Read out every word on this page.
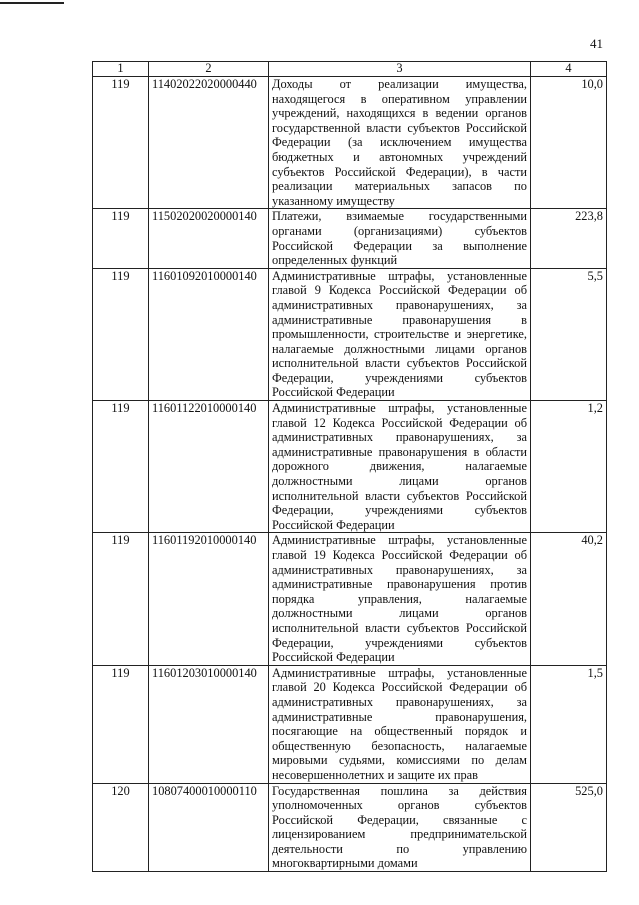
41
1	2	3	4
119	11402022020000440	Доходы от реализации имущества, находящегося в оперативном управлении учреждений, находящихся в ведении органов государственной власти субъектов Российской Федерации (за исключением имущества бюджетных и автономных учреждений субъектов Российской Федерации), в части реализации материальных запасов по указанному имуществу	10,0
119	11502020020000140	Платежи, взимаемые государственными органами (организациями) субъектов Российской Федерации за выполнение определенных функций	223,8
119	11601092010000140	Административные штрафы, установленные главой 9 Кодекса Российской Федерации об административных правонарушениях, за административные правонарушения в промышленности, строительстве и энергетике, налагаемые должностными лицами органов исполнительной власти субъектов Российской Федерации, учреждениями субъектов Российской Федерации	5,5
119	11601122010000140	Административные штрафы, установленные главой 12 Кодекса Российской Федерации об административных правонарушениях, за административные правонарушения в области дорожного движения, налагаемые должностными лицами органов исполнительной власти субъектов Российской Федерации, учреждениями субъектов Российской Федерации	1,2
119	11601192010000140	Административные штрафы, установленные главой 19 Кодекса Российской Федерации об административных правонарушениях, за административные правонарушения против порядка управления, налагаемые должностными лицами органов исполнительной власти субъектов Российской Федерации, учреждениями субъектов Российской Федерации	40,2
119	11601203010000140	Административные штрафы, установленные главой 20 Кодекса Российской Федерации об административных правонарушениях, за административные правонарушения, посягающие на общественный порядок и общественную безопасность, налагаемые мировыми судьями, комиссиями по делам несовершеннолетних и защите их прав	1,5
120	10807400010000110	Государственная пошлина за действия уполномоченных органов субъектов Российской Федерации, связанные с лицензированием предпринимательской деятельности по управлению многоквартирными домами	525,0
